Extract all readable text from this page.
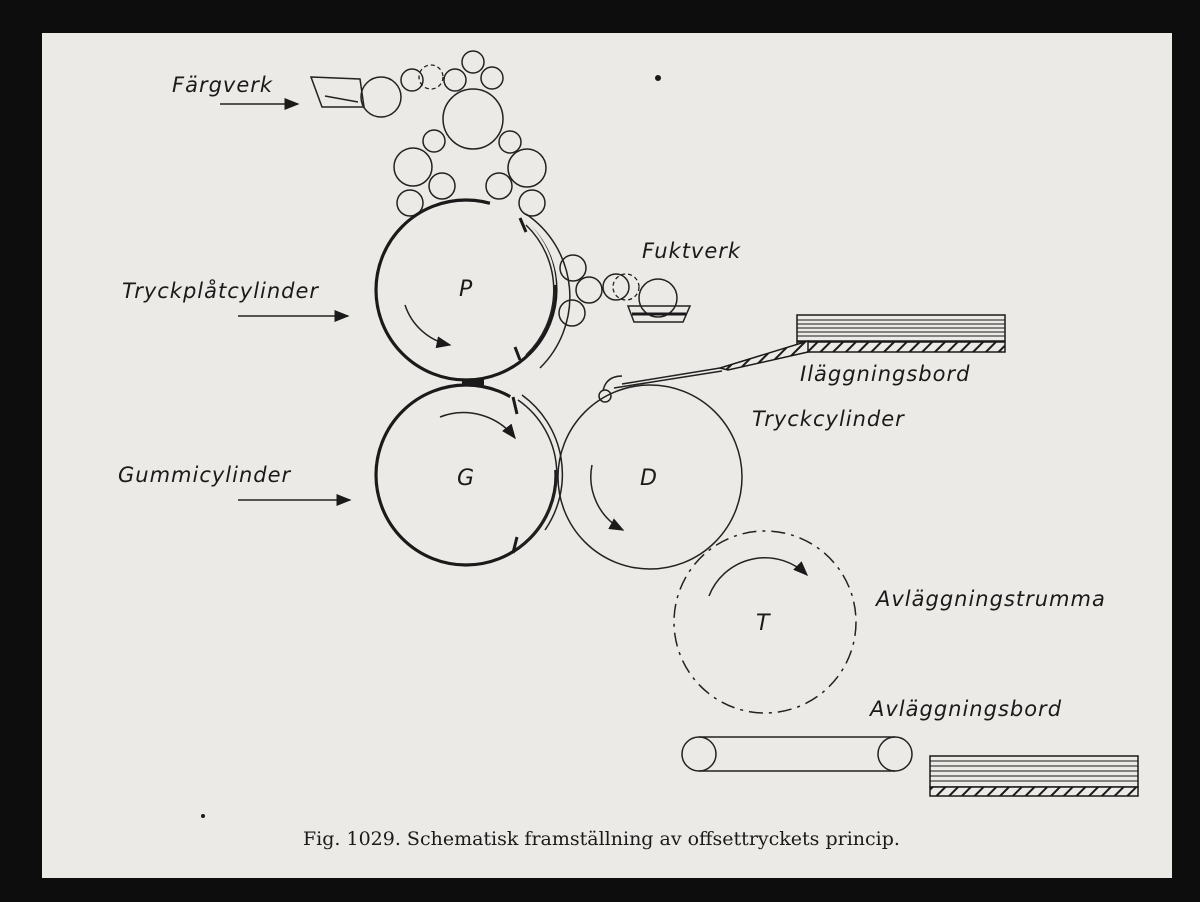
P
G	D
T
Färgverk
Fuktverk
Tryckplåtcylinder
Gummicylinder
Iläggningsbord
Tryckcylinder
Avläggningstrumma
Avläggningsbord
Fig. 1029. Schematisk framställning av offsettryckets princip.
